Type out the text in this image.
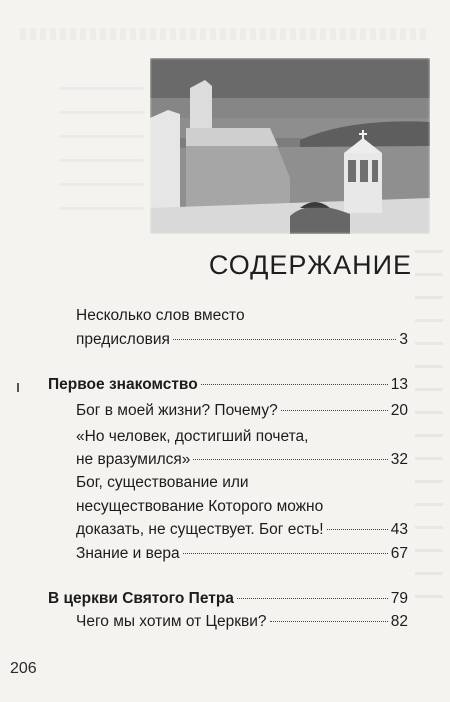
СОДЕРЖАНИЕ
Несколько слов вместо
предисловия	3
Первое знакомство	13
Бог в моей жизни? Почему?	20
«Но человек, достигший почета,
не вразумился»	32
Бог, существование или
несуществование Которого можно
доказать, не существует. Бог есть!	43
Знание и вера	67
В церкви Святого Петра	79
Чего мы хотим от Церкви?	82
206
